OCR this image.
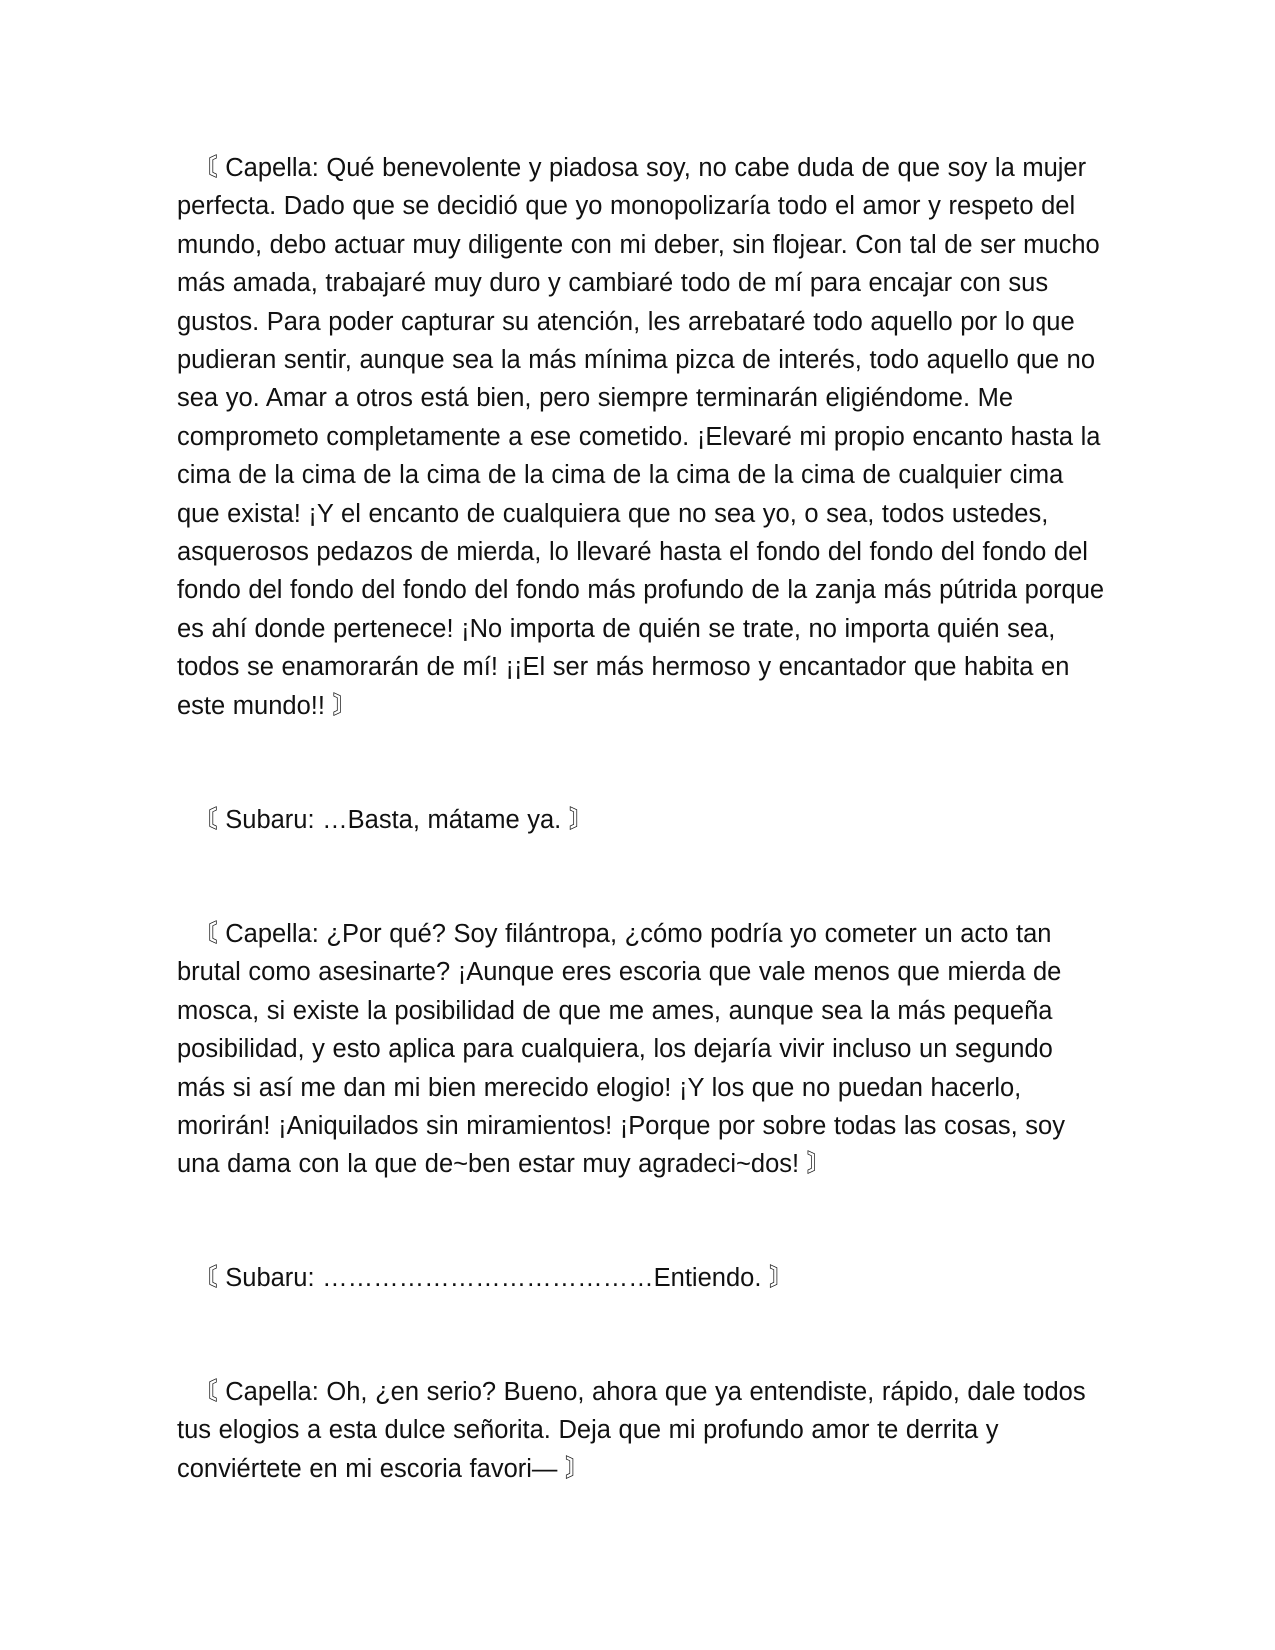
〘 Capella: Qué benevolente y piadosa soy, no cabe duda de que soy la mujer perfecta. Dado que se decidió que yo monopolizaría todo el amor y respeto del mundo, debo actuar muy diligente con mi deber, sin flojear. Con tal de ser mucho más amada, trabajaré muy duro y cambiaré todo de mí para encajar con sus gustos. Para poder capturar su atención, les arrebataré todo aquello por lo que pudieran sentir, aunque sea la más mínima pizca de interés, todo aquello que no sea yo. Amar a otros está bien, pero siempre terminarán eligiéndome. Me comprometo completamente a ese cometido. ¡Elevaré mi propio encanto hasta la cima de la cima de la cima de la cima de la cima de la cima de cualquier cima que exista! ¡Y el encanto de cualquiera que no sea yo, o sea, todos ustedes, asquerosos pedazos de mierda, lo llevaré hasta el fondo del fondo del fondo del fondo del fondo del fondo del fondo más profundo de la zanja más pútrida porque es ahí donde pertenece! ¡No importa de quién se trate, no importa quién sea, todos se enamorarán de mí! ¡¡El ser más hermoso y encantador que habita en este mundo!! 〙

〘 Subaru: …Basta, mátame ya. 〙

〘 Capella: ¿Por qué? Soy filántropa, ¿cómo podría yo cometer un acto tan brutal como asesinarte? ¡Aunque eres escoria que vale menos que mierda de mosca, si existe la posibilidad de que me ames, aunque sea la más pequeña posibilidad, y esto aplica para cualquiera, los dejaría vivir incluso un segundo más si así me dan mi bien merecido elogio! ¡Y los que no puedan hacerlo, morirán! ¡Aniquilados sin miramientos! ¡Porque por sobre todas las cosas, soy una dama con la que de~ben estar muy agradeci~dos! 〙

〘 Subaru: …………………………………Entiendo. 〙

〘 Capella: Oh, ¿en serio? Bueno, ahora que ya entendiste, rápido, dale todos tus elogios a esta dulce señorita. Deja que mi profundo amor te derrita y conviértete en mi escoria favori— 〙
